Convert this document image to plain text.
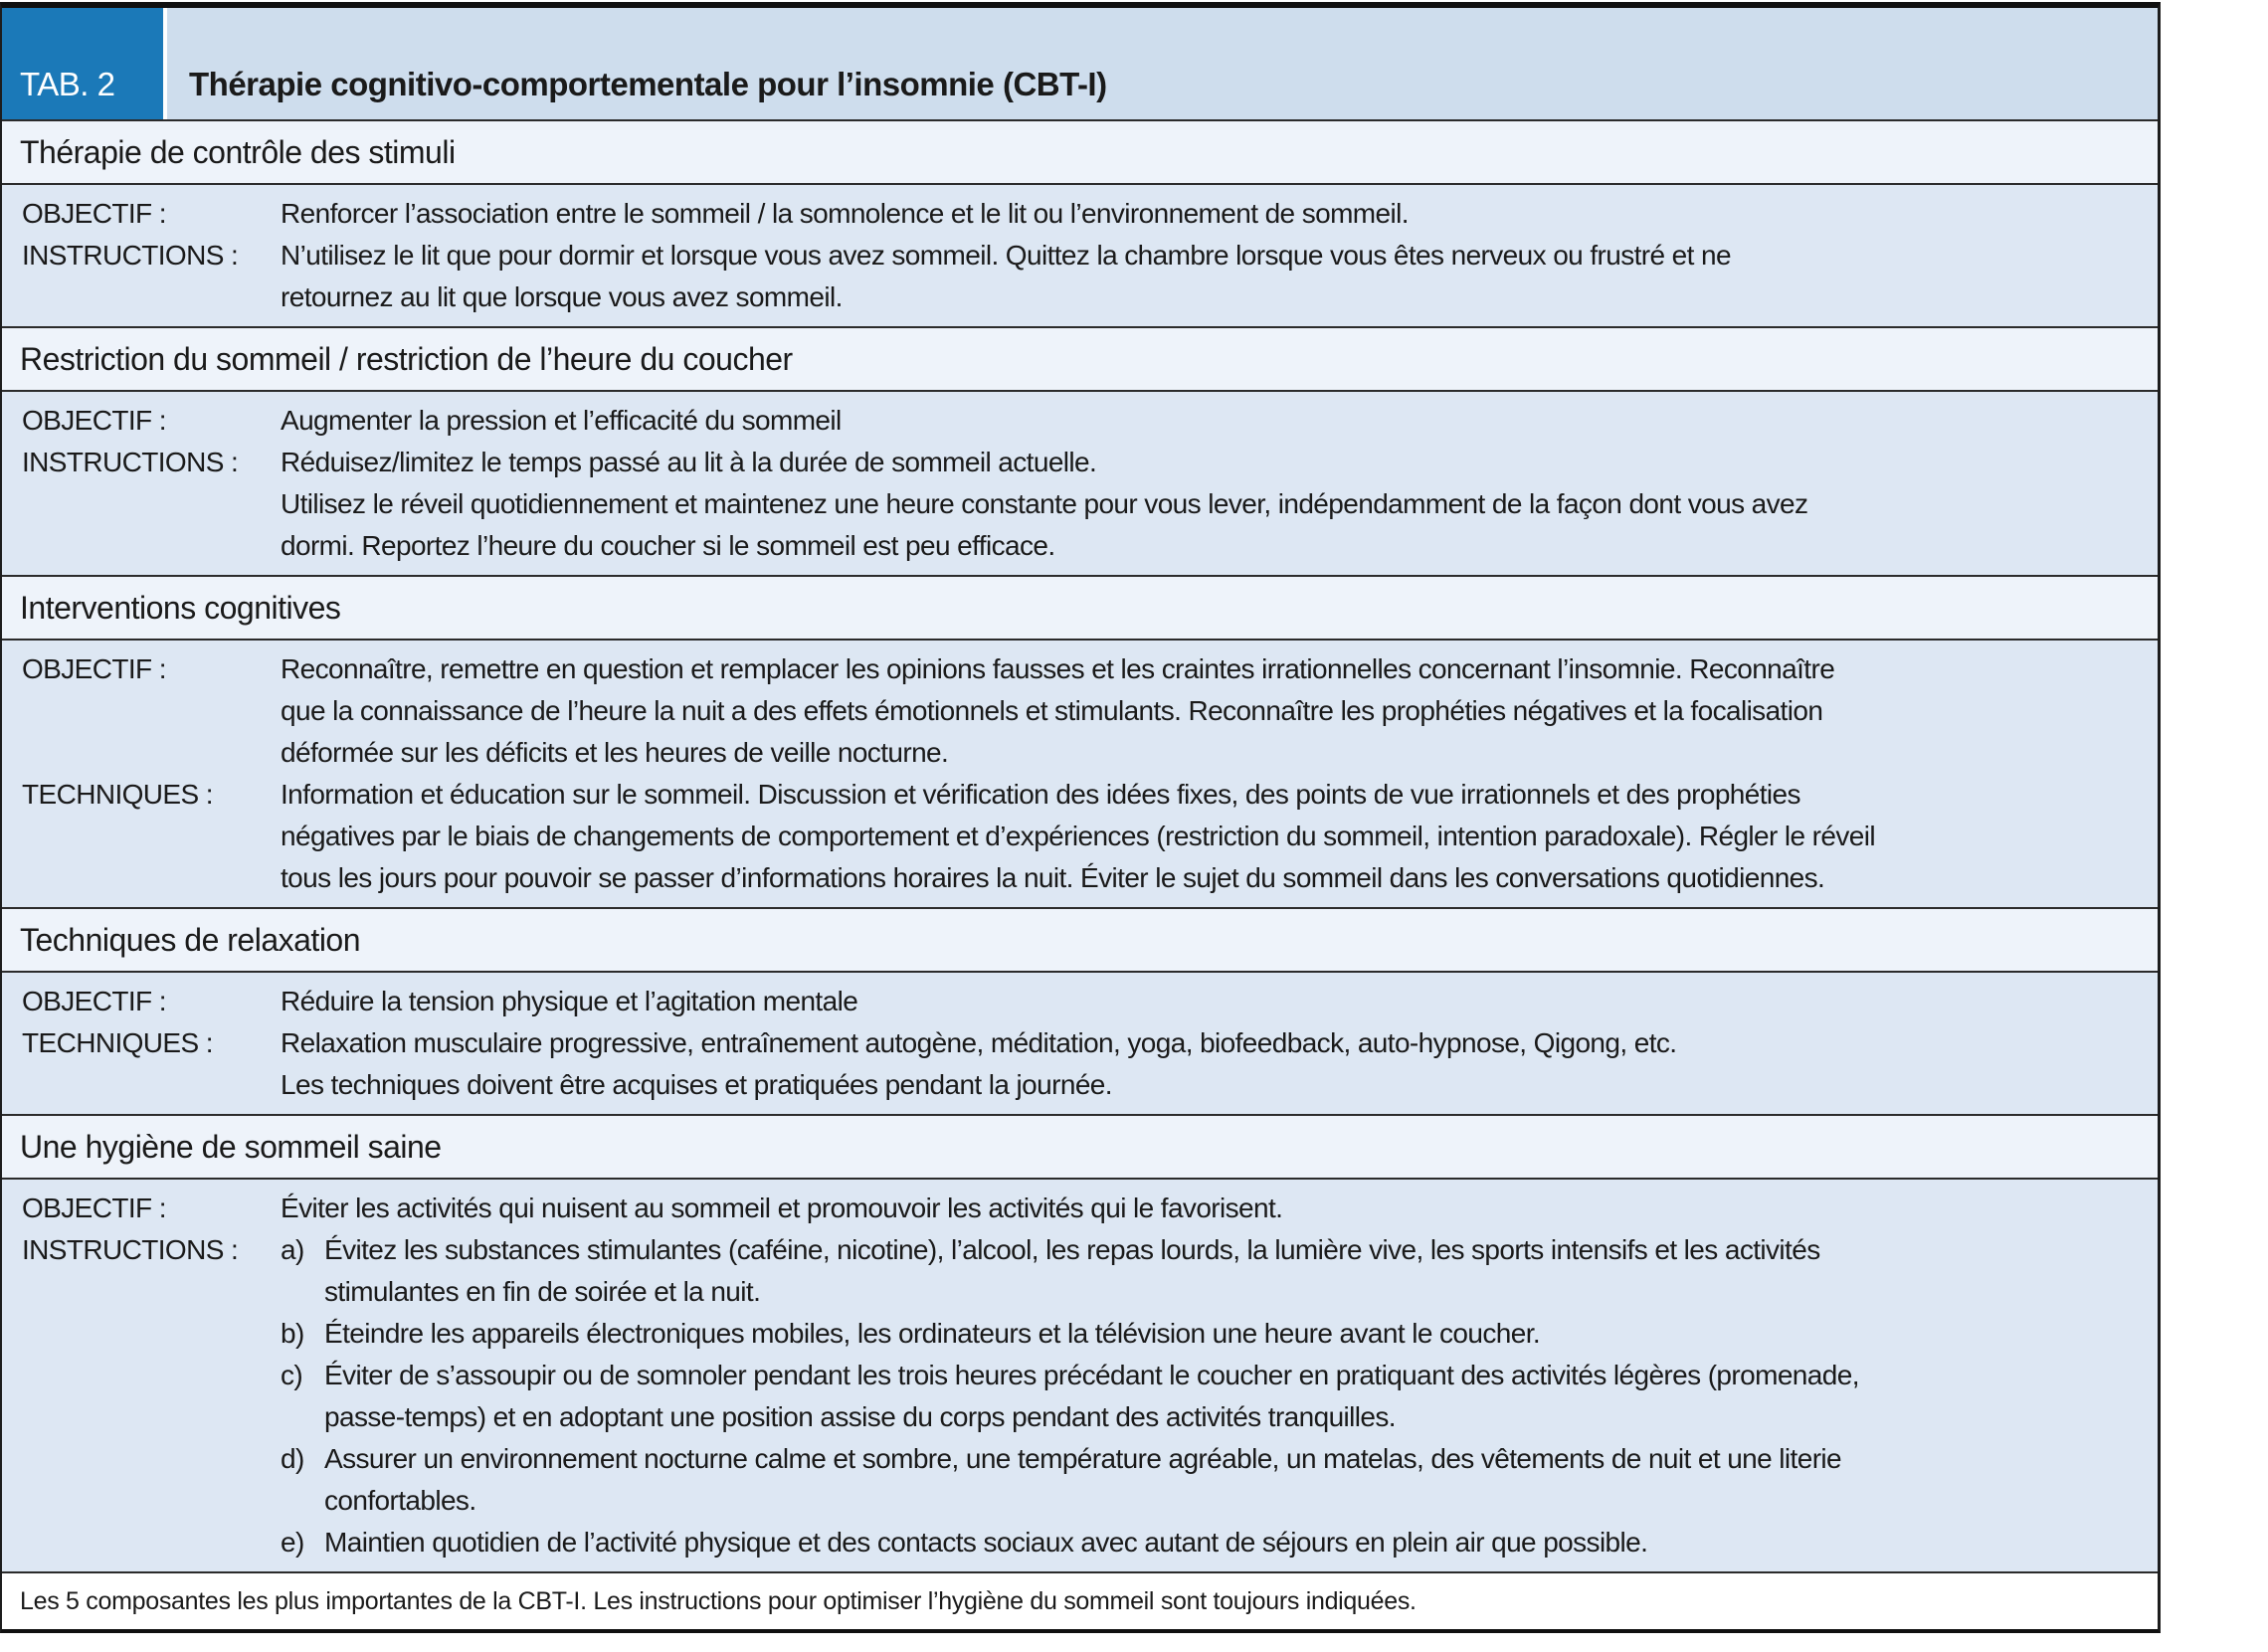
TAB. 2	Thérapie cognitivo-comportementale pour l’insomnie (CBT-I)
Thérapie de contrôle des stimuli
OBJECTIF :	Renforcer l’association entre le sommeil / la somnolence et le lit ou l’environnement de sommeil.
INSTRUCTIONS :	N’utilisez le lit que pour dormir et lorsque vous avez sommeil. Quittez la chambre lorsque vous êtes nerveux ou frustré et ne
retournez au lit que lorsque vous avez sommeil.
Restriction du sommeil / restriction de l’heure du coucher
OBJECTIF :	Augmenter la pression et l’efficacité du sommeil
INSTRUCTIONS :	Réduisez/limitez le temps passé au lit à la durée de sommeil actuelle.
Utilisez le réveil quotidiennement et maintenez une heure constante pour vous lever, indépendamment de la façon dont vous avez
dormi. Reportez l’heure du coucher si le sommeil est peu efficace.
Interventions cognitives
OBJECTIF :	Reconnaître, remettre en question et remplacer les opinions fausses et les craintes irrationnelles concernant l’insomnie. Reconnaître
que la connaissance de l’heure la nuit a des effets émotionnels et stimulants. Reconnaître les prophéties négatives et la focalisation
déformée sur les déficits et les heures de veille nocturne.
TECHNIQUES :	Information et éducation sur le sommeil. Discussion et vérification des idées fixes, des points de vue irrationnels et des prophéties
négatives par le biais de changements de comportement et d’expériences (restriction du sommeil, intention paradoxale). Régler le réveil
tous les jours pour pouvoir se passer d’informations horaires la nuit. Éviter le sujet du sommeil dans les conversations quotidiennes.
Techniques de relaxation
OBJECTIF :	Réduire la tension physique et l’agitation mentale
TECHNIQUES :	Relaxation musculaire progressive, entraînement autogène, méditation, yoga, biofeedback, auto-hypnose, Qigong, etc.
Les techniques doivent être acquises et pratiquées pendant la journée.
Une hygiène de sommeil saine
OBJECTIF :	Éviter les activités qui nuisent au sommeil et promouvoir les activités qui le favorisent.
INSTRUCTIONS :	a) Évitez les substances stimulantes (caféine, nicotine), l’alcool, les repas lourds, la lumière vive, les sports intensifs et les activités
stimulantes en fin de soirée et la nuit.
b) Éteindre les appareils électroniques mobiles, les ordinateurs et la télévision une heure avant le coucher.
c) Éviter de s’assoupir ou de somnoler pendant les trois heures précédant le coucher en pratiquant des activités légères (promenade,
passe-temps) et en adoptant une position assise du corps pendant des activités tranquilles.
d) Assurer un environnement nocturne calme et sombre, une température agréable, un matelas, des vêtements de nuit et une literie
confortables.
e) Maintien quotidien de l’activité physique et des contacts sociaux avec autant de séjours en plein air que possible.
Les 5 composantes les plus importantes de la CBT-I. Les instructions pour optimiser l’hygiène du sommeil sont toujours indiquées.
